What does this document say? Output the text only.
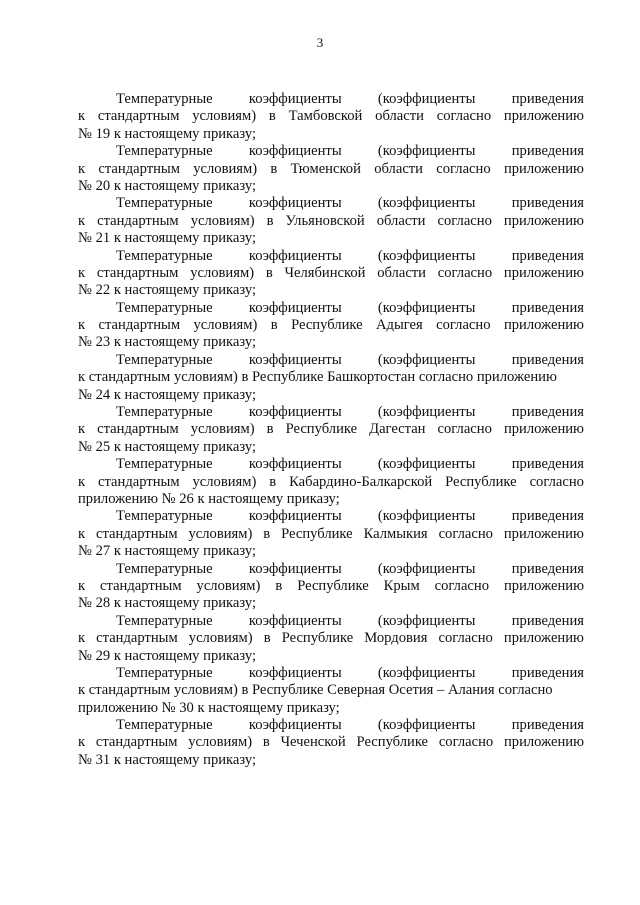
3
Температурные коэффициенты (коэффициенты приведения
к стандартным условиям) в Тамбовской области согласно приложению
№ 19 к настоящему приказу;
Температурные коэффициенты (коэффициенты приведения
к стандартным условиям) в Тюменской области согласно приложению
№ 20 к настоящему приказу;
Температурные коэффициенты (коэффициенты приведения
к стандартным условиям) в Ульяновской области согласно приложению
№ 21 к настоящему приказу;
Температурные коэффициенты (коэффициенты приведения
к стандартным условиям) в Челябинской области согласно приложению
№ 22 к настоящему приказу;
Температурные коэффициенты (коэффициенты приведения
к стандартным условиям) в Республике Адыгея согласно приложению
№ 23 к настоящему приказу;
Температурные коэффициенты (коэффициенты приведения
к стандартным условиям) в Республике Башкортостан согласно приложению
№ 24 к настоящему приказу;
Температурные коэффициенты (коэффициенты приведения
к стандартным условиям) в Республике Дагестан согласно приложению
№ 25 к настоящему приказу;
Температурные коэффициенты (коэффициенты приведения
к стандартным условиям) в Кабардино-Балкарской Республике согласно
приложению № 26 к настоящему приказу;
Температурные коэффициенты (коэффициенты приведения
к стандартным условиям) в Республике Калмыкия согласно приложению
№ 27 к настоящему приказу;
Температурные коэффициенты (коэффициенты приведения
к стандартным условиям) в Республике Крым согласно приложению
№ 28 к настоящему приказу;
Температурные коэффициенты (коэффициенты приведения
к стандартным условиям) в Республике Мордовия согласно приложению
№ 29 к настоящему приказу;
Температурные коэффициенты (коэффициенты приведения
к стандартным условиям) в Республике Северная Осетия – Алания согласно
приложению № 30 к настоящему приказу;
Температурные коэффициенты (коэффициенты приведения
к стандартным условиям) в Чеченской Республике согласно приложению
№ 31 к настоящему приказу;
